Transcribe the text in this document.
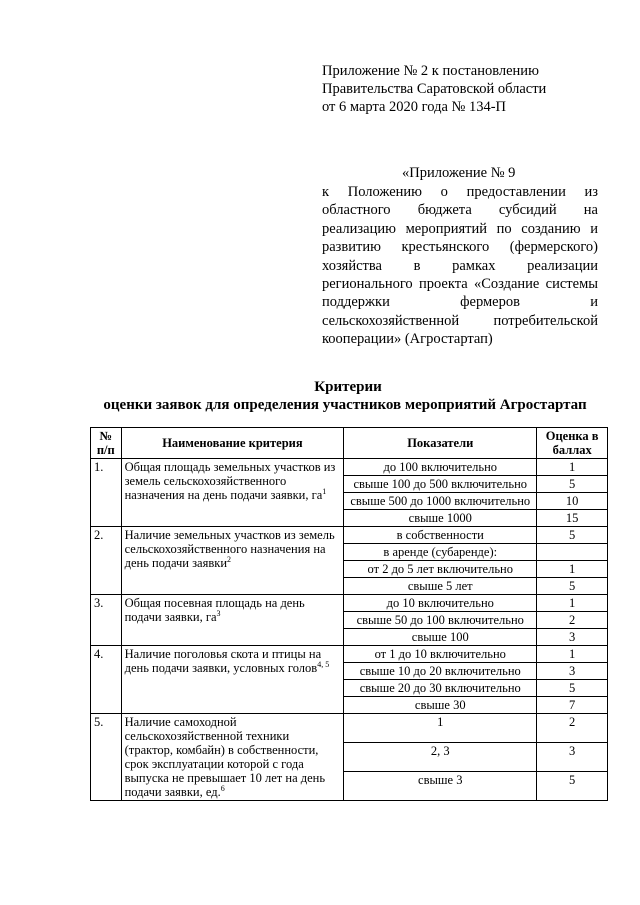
Приложение № 2 к постановлению
Правительства Саратовской области
от 6 марта 2020 года № 134-П
«Приложение № 9
к Положению о предоставлении из областного бюджета субсидий на реализацию мероприятий по созданию и развитию крестьянского (фермерского) хозяйства в рамках реализации регионального проекта «Создание системы поддержки фермеров и сельскохозяйственной потребительской кооперации» (Агростартап)
Критерии
оценки заявок для определения участников мероприятий Агростартап
№ п/п	Наименование критерия	Показатели	Оценка в баллах
1.	Общая площадь земельных участков из земель сельскохозяйственного назначения на день подачи заявки, $га^1$	до 100 включительно	1
		свыше 100 до 500 включительно	5
		свыше 500 до 1000 включительно	10
		свыше 1000	15
2.	Наличие земельных участков из земель сельскохозяйственного назначения на день подачи заявки$^2$	в собственности	5
		в аренде (субаренде):	
		от 2 до 5 лет включительно	1
		свыше 5 лет	5
3.	Общая посевная площадь на день подачи заявки, $га^3$	до 10 включительно	1
		свыше 50 до 100 включительно	2
		свыше 100	3
4.	Наличие поголовья скота и птицы на день подачи заявки, условных голов$^{4, 5}$	от 1 до 10 включительно	1
		свыше 10 до 20 включительно	3
		свыше 20 до 30 включительно	5
		свыше 30	7
5.	Наличие самоходной сельскохозяйственной техники (трактор, комбайн) в собственности, срок эксплуатации которой с года выпуска не превышает 10 лет на день подачи заявки, ед.$^6$	1	2
		2, 3	3
		свыше 3	5
